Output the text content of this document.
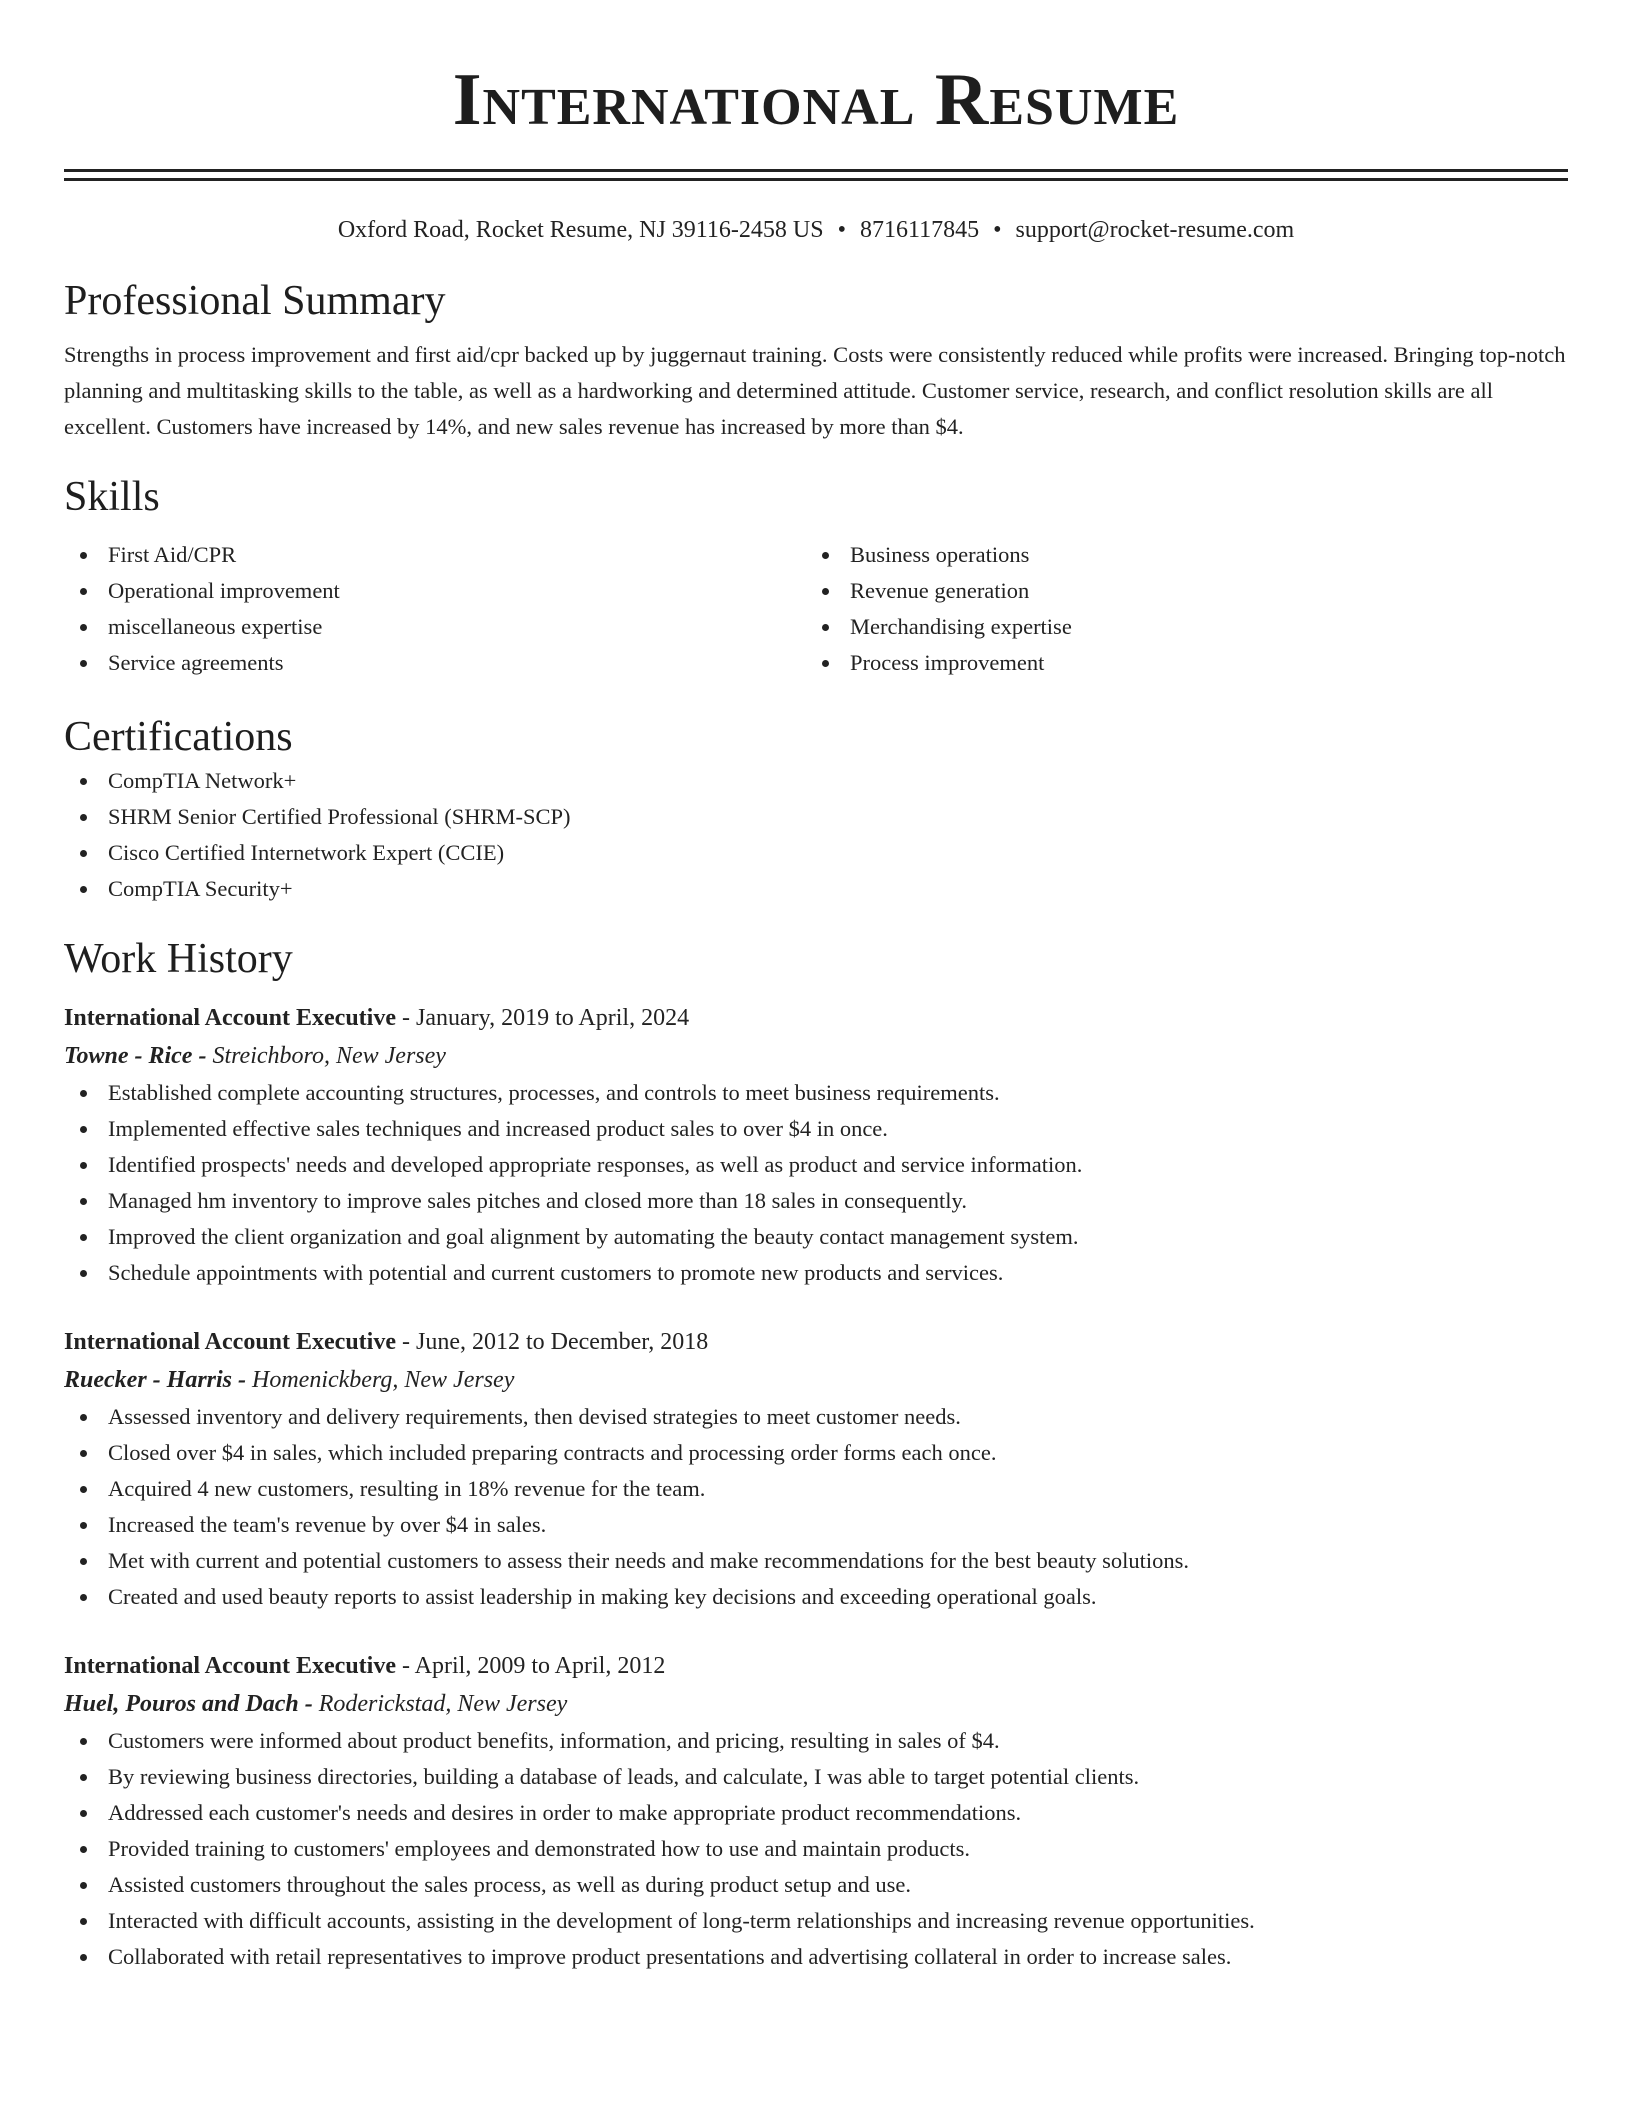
International Resume
Oxford Road, Rocket Resume, NJ 39116-2458 US • 8716117845 • support@rocket-resume.com
Professional Summary

Strengths in process improvement and first aid/cpr backed up by juggernaut training. Costs were consistently reduced while profits were increased. Bringing top-notch planning and multitasking skills to the table, as well as a hardworking and determined attitude. Customer service, research, and conflict resolution skills are all excellent. Customers have increased by 14%, and new sales revenue has increased by more than $4.

Skills
First Aid/CPR
Operational improvement
miscellaneous expertise
Service agreements
Business operations
Revenue generation
Merchandising expertise
Process improvement
Certifications
CompTIA Network+
SHRM Senior Certified Professional (SHRM-SCP)
Cisco Certified Internetwork Expert (CCIE)
CompTIA Security+
Work History
International Account Executive - January, 2019 to April, 2024
Towne - Rice - Streichboro, New Jersey
Established complete accounting structures, processes, and controls to meet business requirements.
Implemented effective sales techniques and increased product sales to over $4 in once.
Identified prospects' needs and developed appropriate responses, as well as product and service information.
Managed hm inventory to improve sales pitches and closed more than 18 sales in consequently.
Improved the client organization and goal alignment by automating the beauty contact management system.
Schedule appointments with potential and current customers to promote new products and services.
International Account Executive - June, 2012 to December, 2018
Ruecker - Harris - Homenickberg, New Jersey
Assessed inventory and delivery requirements, then devised strategies to meet customer needs.
Closed over $4 in sales, which included preparing contracts and processing order forms each once.
Acquired 4 new customers, resulting in 18% revenue for the team.
Increased the team's revenue by over $4 in sales.
Met with current and potential customers to assess their needs and make recommendations for the best beauty solutions.
Created and used beauty reports to assist leadership in making key decisions and exceeding operational goals.
International Account Executive - April, 2009 to April, 2012
Huel, Pouros and Dach - Roderickstad, New Jersey
Customers were informed about product benefits, information, and pricing, resulting in sales of $4.
By reviewing business directories, building a database of leads, and calculate, I was able to target potential clients.
Addressed each customer's needs and desires in order to make appropriate product recommendations.
Provided training to customers' employees and demonstrated how to use and maintain products.
Assisted customers throughout the sales process, as well as during product setup and use.
Interacted with difficult accounts, assisting in the development of long-term relationships and increasing revenue opportunities.
Collaborated with retail representatives to improve product presentations and advertising collateral in order to increase sales.
